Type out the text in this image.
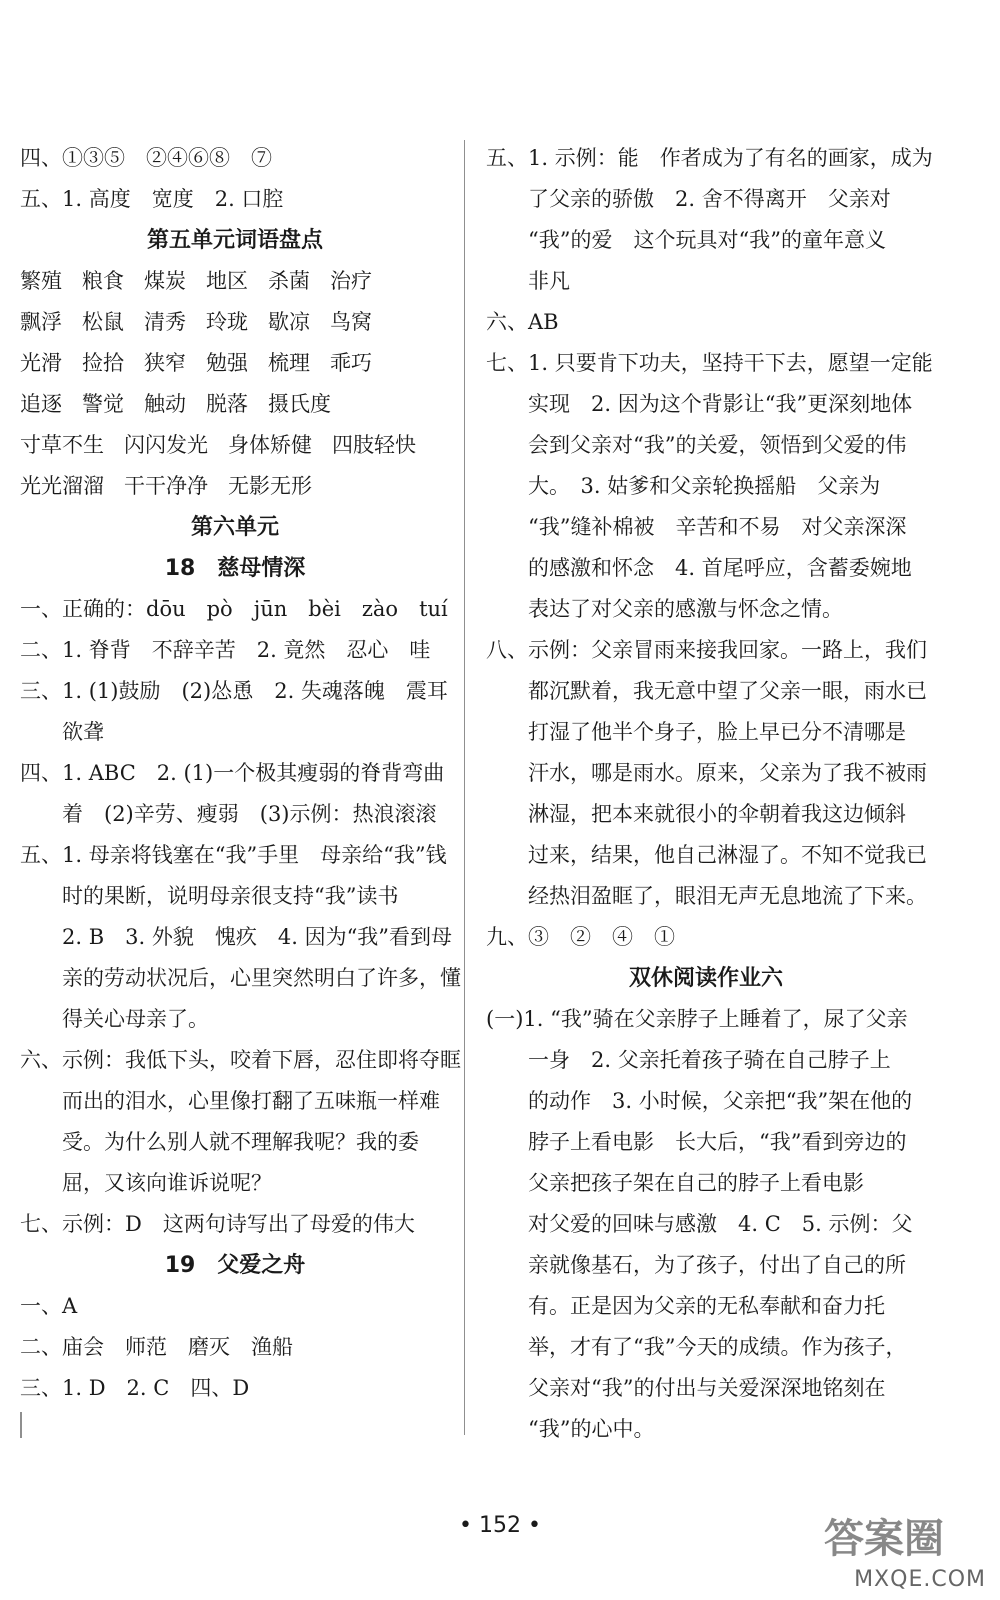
四、①③⑤　②④⑥⑧　⑦
五、1. 高度　宽度　2. 口腔
第五单元词语盘点
繁殖 粮食 煤炭 地区 杀菌 治疗
飘浮 松鼠 清秀 玲珑 歇凉 鸟窝
光滑 捡拾 狭窄 勉强 梳理 乖巧
追逐 警觉 触动 脱落 摄氏度
寸草不生 闪闪发光 身体矫健 四肢轻快
光光溜溜 干干净净 无影无形
第六单元
18　慈母情深
一、正确的：dōu　pò　jūn　bèi　zào　tuí
二、1. 脊背　不辞辛苦　2. 竟然　忍心　哇
三、1. (1)鼓励　(2)怂恿　2. 失魂落魄　震耳
欲聋
四、1. ABC　2. (1)一个极其瘦弱的脊背弯曲
着　(2)辛劳、瘦弱　(3)示例：热浪滚滚
五、1. 母亲将钱塞在“我”手里　母亲给“我”钱
时的果断，说明母亲很支持“我”读书
2. B　3. 外貌　愧疚　4. 因为“我”看到母
亲的劳动状况后，心里突然明白了许多，懂
得关心母亲了。
六、示例：我低下头，咬着下唇，忍住即将夺眶
而出的泪水，心里像打翻了五味瓶一样难
受。为什么别人就不理解我呢？我的委
屈，又该向谁诉说呢？
七、示例：D　这两句诗写出了母爱的伟大
19　父爱之舟
一、A
二、庙会　师范　磨灭　渔船
三、1. D　2. C　四、D
五、1. 示例：能　作者成为了有名的画家，成为
了父亲的骄傲　2. 舍不得离开　父亲对
“我”的爱　这个玩具对“我”的童年意义
非凡
六、AB
七、1. 只要肯下功夫，坚持干下去，愿望一定能
实现　2. 因为这个背影让“我”更深刻地体
会到父亲对“我”的关爱，领悟到父爱的伟
大。　3. 姑爹和父亲轮换摇船　父亲为
“我”缝补棉被　辛苦和不易　对父亲深深
的感激和怀念　4. 首尾呼应，含蓄委婉地
表达了对父亲的感激与怀念之情。
八、示例：父亲冒雨来接我回家。一路上，我们
都沉默着，我无意中望了父亲一眼，雨水已
打湿了他半个身子，脸上早已分不清哪是
汗水，哪是雨水。原来，父亲为了我不被雨
淋湿，把本来就很小的伞朝着我这边倾斜
过来，结果，他自己淋湿了。不知不觉我已
经热泪盈眶了，眼泪无声无息地流了下来。
九、③　②　④　①
双休阅读作业六
(一)1. “我”骑在父亲脖子上睡着了，尿了父亲
一身　2. 父亲托着孩子骑在自己脖子上
的动作　3. 小时候，父亲把“我”架在他的
脖子上看电影　长大后，“我”看到旁边的
父亲把孩子架在自己的脖子上看电影
对父爱的回味与感激　4. C　5. 示例：父
亲就像基石，为了孩子，付出了自己的所
有。正是因为父亲的无私奉献和奋力托
举，才有了“我”今天的成绩。作为孩子，
父亲对“我”的付出与关爱深深地铭刻在
“我”的心中。
• 152 •	答案圈
MXQE.COM
